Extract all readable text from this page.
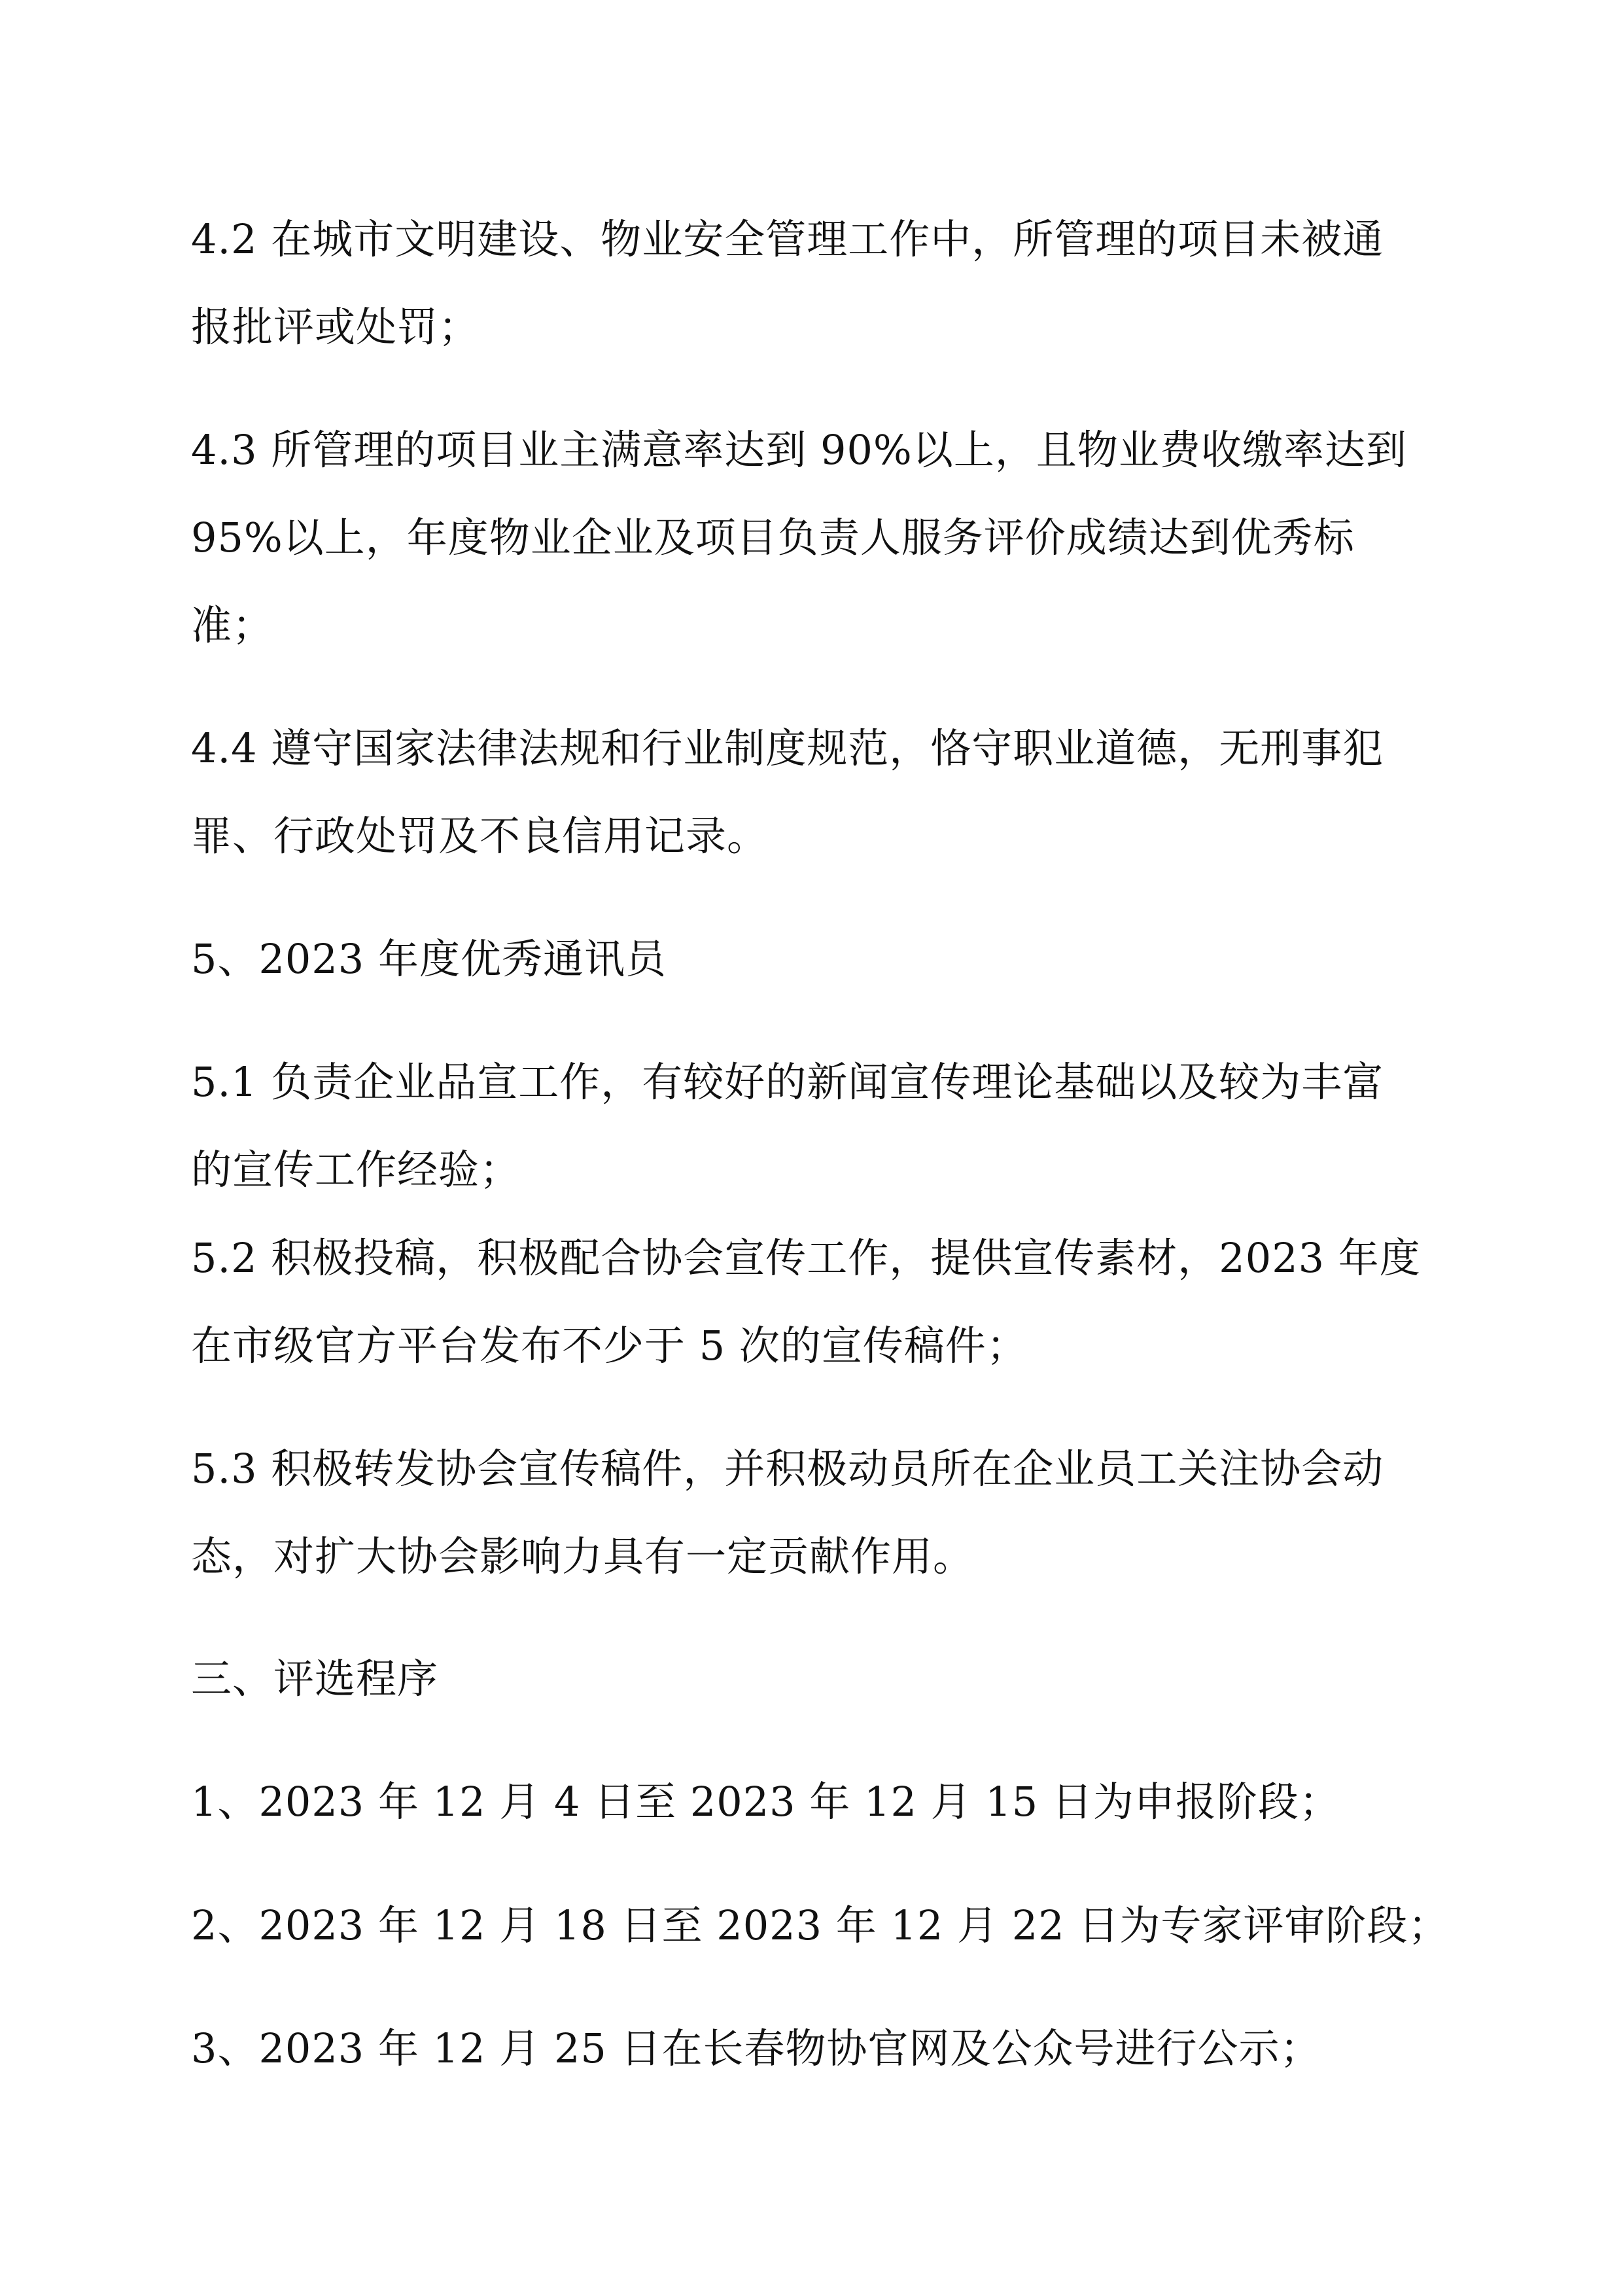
4.2 在城市文明建设、物业安全管理工作中，所管理的项目未被通
报批评或处罚；
4.3 所管理的项目业主满意率达到 90%以上，且物业费收缴率达到
95%以上，年度物业企业及项目负责人服务评价成绩达到优秀标
准；
4.4 遵守国家法律法规和行业制度规范，恪守职业道德，无刑事犯
罪、行政处罚及不良信用记录。
5、2023 年度优秀通讯员
5.1 负责企业品宣工作，有较好的新闻宣传理论基础以及较为丰富
的宣传工作经验；
5.2 积极投稿，积极配合协会宣传工作，提供宣传素材，2023 年度
在市级官方平台发布不少于 5 次的宣传稿件；
5.3 积极转发协会宣传稿件，并积极动员所在企业员工关注协会动
态，对扩大协会影响力具有一定贡献作用。
三、评选程序
1、2023 年 12 月 4 日至 2023 年 12 月 15 日为申报阶段；
2、2023 年 12 月 18 日至 2023 年 12 月 22 日为专家评审阶段；
3、2023 年 12 月 25 日在长春物协官网及公众号进行公示；
